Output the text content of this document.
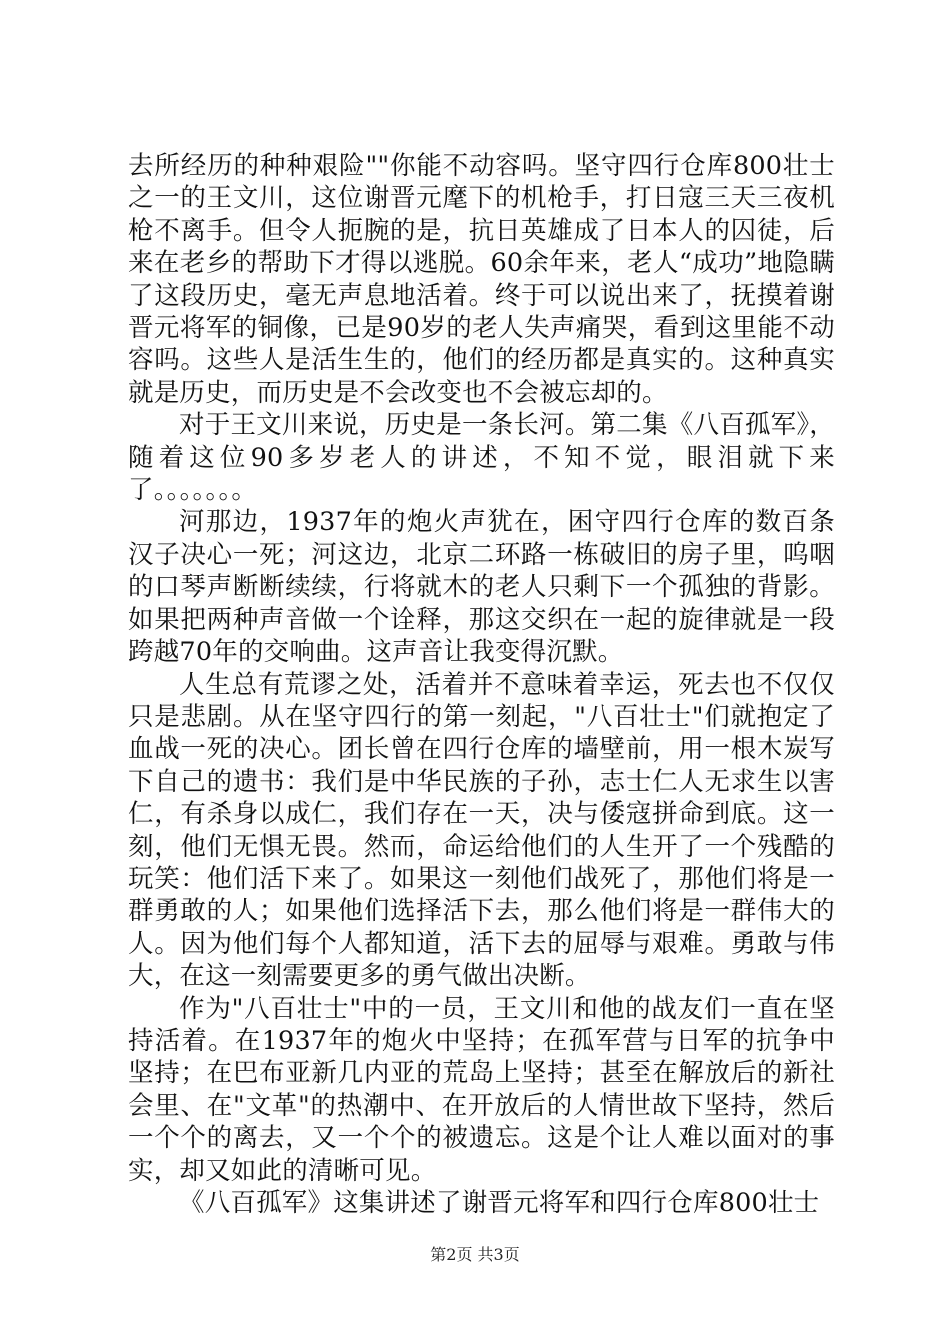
去所经历的种种艰险""你能不动容吗。坚守四行仓库800壮士之一的王文川，这位谢晋元麾下的机枪手，打日寇三天三夜机枪不离手。但令人扼腕的是，抗日英雄成了日本人的囚徒，后来在老乡的帮助下才得以逃脱。60余年来，老人“成功”地隐瞒了这段历史，毫无声息地活着。终于可以说出来了，抚摸着谢晋元将军的铜像，已是90岁的老人失声痛哭，看到这里能不动容吗。这些人是活生生的，他们的经历都是真实的。这种真实就是历史，而历史是不会改变也不会被忘却的。

对于王文川来说，历史是一条长河。第二集《八百孤军》，随着这位90多岁老人的讲述，不知不觉，眼泪就下来了。。。。。。。

河那边，1937年的炮火声犹在，困守四行仓库的数百条汉子决心一死；河这边，北京二环路一栋破旧的房子里，呜咽的口琴声断断续续，行将就木的老人只剩下一个孤独的背影。如果把两种声音做一个诠释，那这交织在一起的旋律就是一段跨越70年的交响曲。这声音让我变得沉默。

人生总有荒谬之处，活着并不意味着幸运，死去也不仅仅只是悲剧。从在坚守四行的第一刻起，"八百壮士"们就抱定了血战一死的决心。团长曾在四行仓库的墙壁前，用一根木炭写下自己的遗书：我们是中华民族的子孙，志士仁人无求生以害仁，有杀身以成仁，我们存在一天，决与倭寇拼命到底。这一刻，他们无惧无畏。然而，命运给他们的人生开了一个残酷的玩笑：他们活下来了。如果这一刻他们战死了，那他们将是一群勇敢的人；如果他们选择活下去，那么他们将是一群伟大的人。因为他们每个人都知道，活下去的屈辱与艰难。勇敢与伟大，在这一刻需要更多的勇气做出决断。

作为"八百壮士"中的一员，王文川和他的战友们一直在坚持活着。在1937年的炮火中坚持；在孤军营与日军的抗争中坚持；在巴布亚新几内亚的荒岛上坚持；甚至在解放后的新社会里、在"文革"的热潮中、在开放后的人情世故下坚持，然后一个个的离去，又一个个的被遗忘。这是个让人难以面对的事实，却又如此的清晰可见。

《八百孤军》这集讲述了谢晋元将军和四行仓库800壮士

第2页 共3页
